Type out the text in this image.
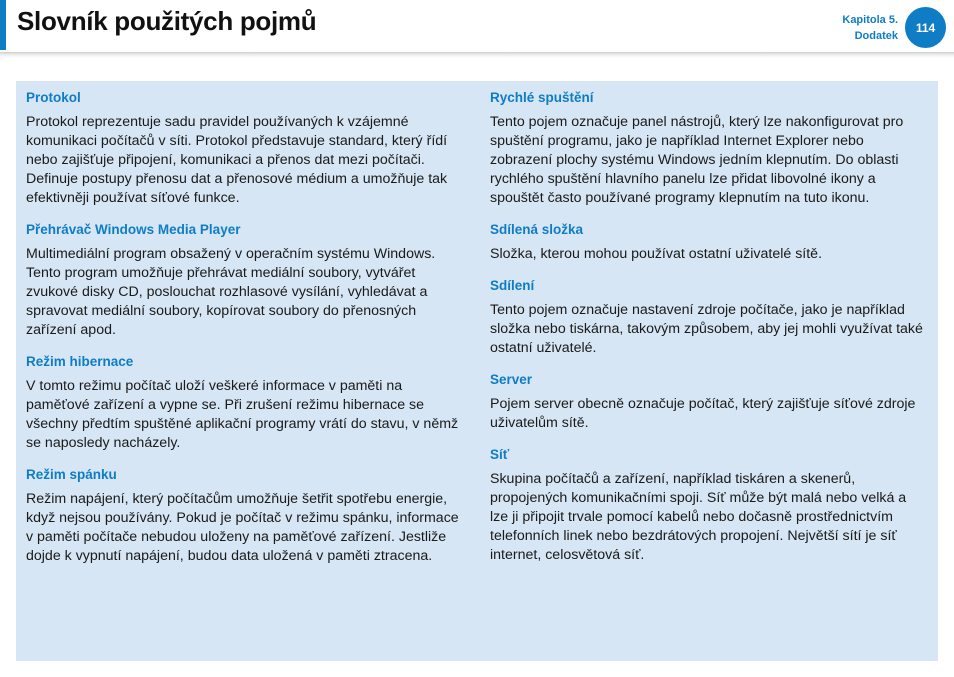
Slovník použitých pojmů	Kapitola 5.
Dodatek
114

Protokol

Protokol reprezentuje sadu pravidel používaných k vzájemné komunikaci počítačů v síti. Protokol představuje standard, který řídí nebo zajišťuje připojení, komunikaci a přenos dat mezi počítači. Definuje postupy přenosu dat a přenosové médium a umožňuje tak efektivněji používat síťové funkce.

Přehrávač Windows Media Player

Multimediální program obsažený v operačním systému Windows. Tento program umožňuje přehrávat mediální soubory, vytvářet zvukové disky CD, poslouchat rozhlasové vysílání, vyhledávat a spravovat mediální soubory, kopírovat soubory do přenosných zařízení apod.

Režim hibernace

V tomto režimu počítač uloží veškeré informace v paměti na paměťové zařízení a vypne se. Při zrušení režimu hibernace se všechny předtím spuštěné aplikační programy vrátí do stavu, v němž se naposledy nacházely.

Režim spánku

Režim napájení, který počítačům umožňuje šetřit spotřebu energie, když nejsou používány. Pokud je počítač v režimu spánku, informace v paměti počítače nebudou uloženy na paměťové zařízení. Jestliže dojde k vypnutí napájení, budou data uložená v paměti ztracena.

Rychlé spuštění

Tento pojem označuje panel nástrojů, který lze nakonfigurovat pro spuštění programu, jako je například Internet Explorer nebo zobrazení plochy systému Windows jedním klepnutím. Do oblasti rychlého spuštění hlavního panelu lze přidat libovolné ikony a spouštět často používané programy klepnutím na tuto ikonu.

Sdílená složka

Složka, kterou mohou používat ostatní uživatelé sítě.

Sdílení

Tento pojem označuje nastavení zdroje počítače, jako je například složka nebo tiskárna, takovým způsobem, aby jej mohli využívat také ostatní uživatelé.

Server

Pojem server obecně označuje počítač, který zajišťuje síťové zdroje uživatelům sítě.

Síť

Skupina počítačů a zařízení, například tiskáren a skenerů, propojených komunikačními spoji. Síť může být malá nebo velká a lze ji připojit trvale pomocí kabelů nebo dočasně prostřednictvím telefonních linek nebo bezdrátových propojení. Největší sítí je síť internet, celosvětová síť.
